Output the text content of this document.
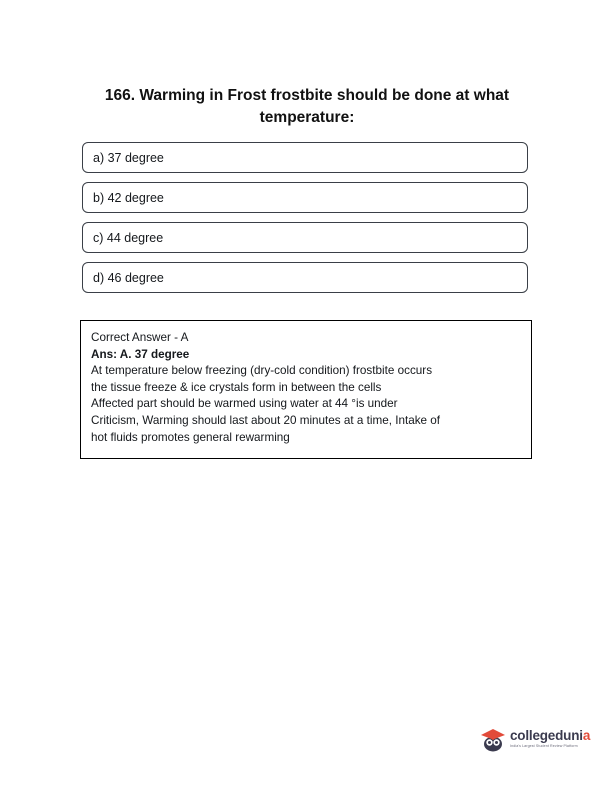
166. Warming in Frost frostbite should be done at what temperature:
a) 37 degree
b) 42 degree
c) 44 degree
d) 46 degree
Correct Answer - A
Ans: A. 37 degree
At temperature below freezing (dry-cold condition) frostbite occurs
the tissue freeze & ice crystals form in between the cells
Affected part should be warmed using water at 44 °is under
Criticism, Warming should last about 20 minutes at a time, Intake of
hot fluids promotes general rewarming
collegedunia
India's Largest Student Review Platform
